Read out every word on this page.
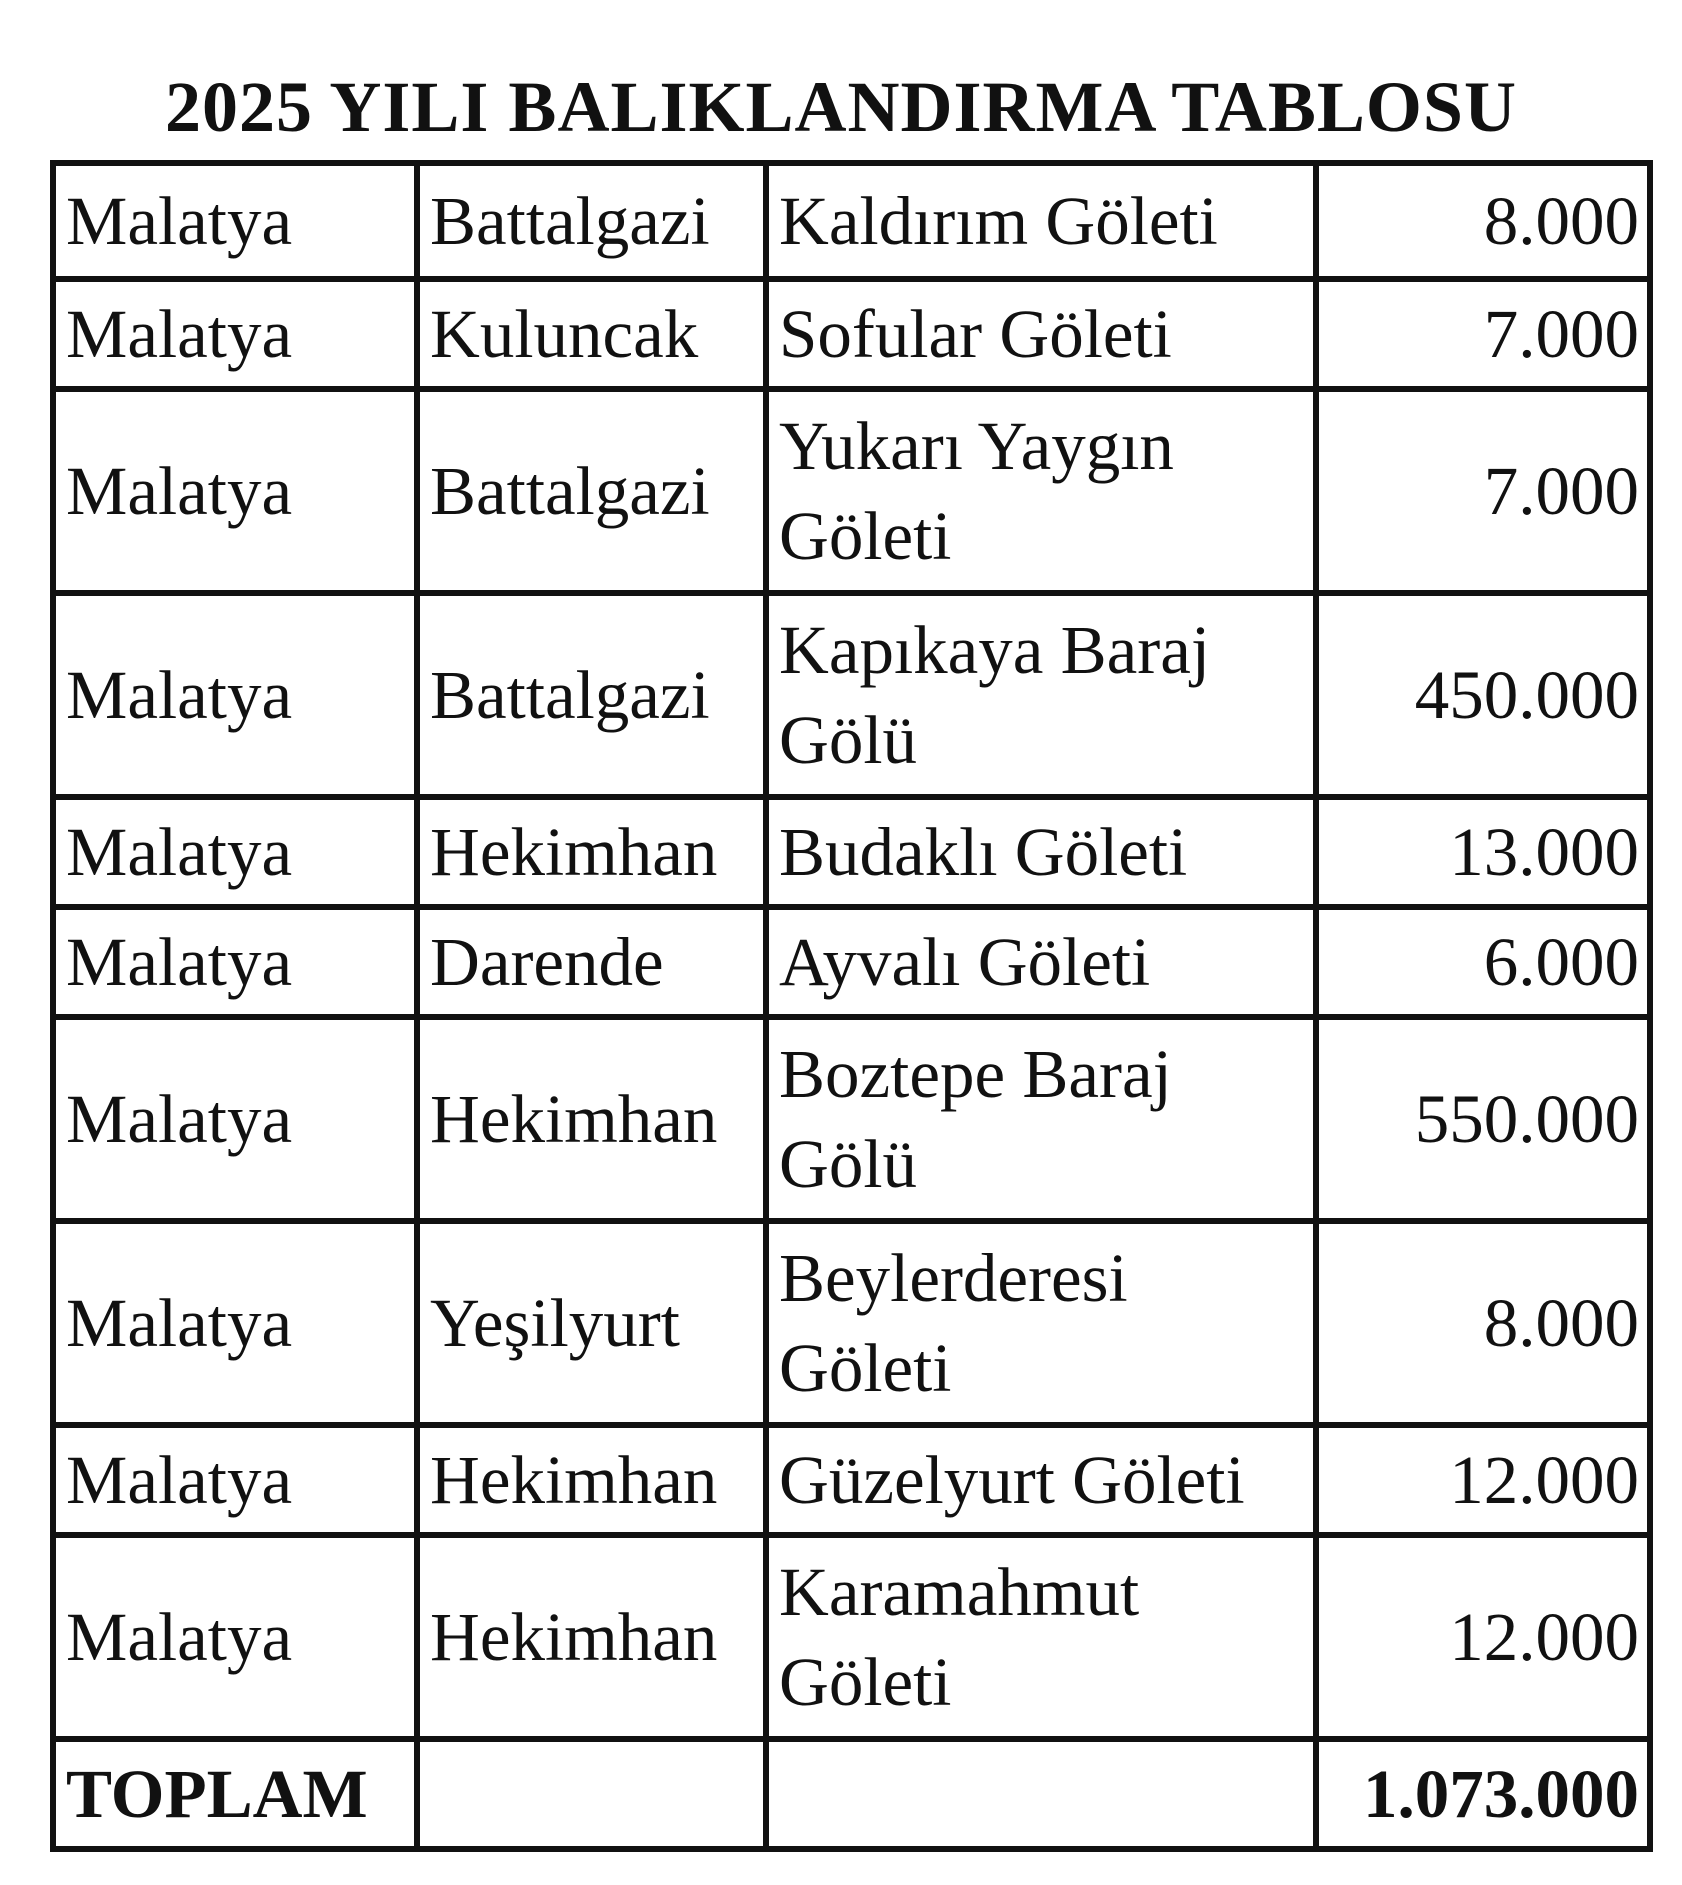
2025 YILI BALIKLANDIRMA TABLOSU
Malatya	Battalgazi	Kaldırım Göleti	8.000
Malatya	Kuluncak	Sofular Göleti	7.000
Malatya	Battalgazi	Yukarı Yaygın Göleti	7.000
Malatya	Battalgazi	Kapıkaya Baraj Gölü	450.000
Malatya	Hekimhan	Budaklı Göleti	13.000
Malatya	Darende	Ayvalı Göleti	6.000
Malatya	Hekimhan	Boztepe Baraj Gölü	550.000
Malatya	Yeşilyurt	Beylerderesi Göleti	8.000
Malatya	Hekimhan	Güzelyurt Göleti	12.000
Malatya	Hekimhan	Karamahmut Göleti	12.000
TOPLAM			1.073.000
